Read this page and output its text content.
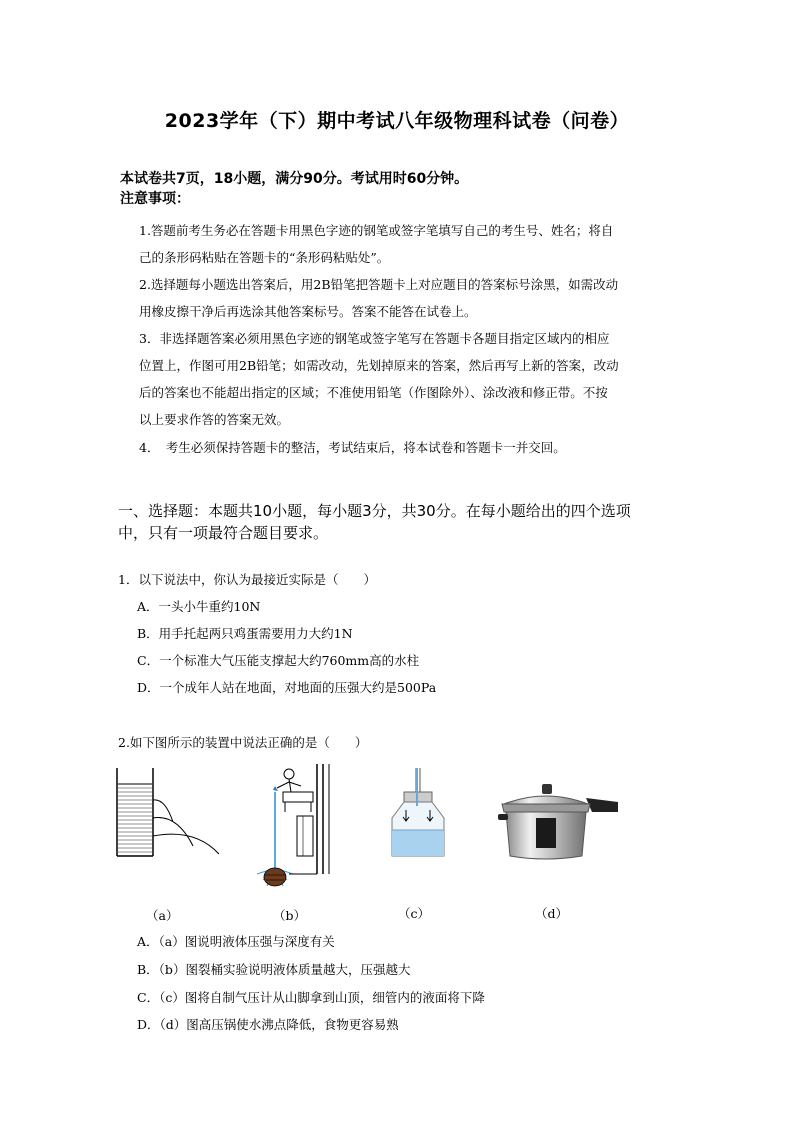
2023学年（下）期中考试八年级物理科试卷（问卷）
本试卷共7页，18小题，满分90分。考试用时60分钟。
注意事项：
1.答题前考生务必在答题卡用黑色字迹的钢笔或签字笔填写自己的考生号、姓名；将自
己的条形码粘贴在答题卡的“条形码粘贴处”。
2.选择题每小题选出答案后，用2B铅笔把答题卡上对应题目的答案标号涂黑，如需改动
用橡皮擦干净后再选涂其他答案标号。答案不能答在试卷上。
3．非选择题答案必须用黑色字迹的钢笔或签字笔写在答题卡各题目指定区域内的相应
位置上，作图可用2B铅笔；如需改动，先划掉原来的答案，然后再写上新的答案，改动
后的答案也不能超出指定的区域；不准使用铅笔（作图除外）、涂改液和修正带。不按
以上要求作答的答案无效。
4．　考生必须保持答题卡的整洁，考试结束后，将本试卷和答题卡一并交回。
一、选择题：本题共10小题，每小题3分，共30分。在每小题给出的四个选项
中，只有一项最符合题目要求。
1．以下说法中，你认为最接近实际是（　　）
A．一头小牛重约10N
B．用手托起两只鸡蛋需要用力大约1N
C．一个标准大气压能支撑起大约760mm高的水柱
D．一个成年人站在地面，对地面的压强大约是500Pa
2.如下图所示的装置中说法正确的是（　　）
（a）	（b）	（c）	（d）
A．（a）图说明液体压强与深度有关
B．（b）图裂桶实验说明液体质量越大，压强越大
C．（c）图将自制气压计从山脚拿到山顶，细管内的液面将下降
D．（d）图高压锅使水沸点降低，食物更容易熟
